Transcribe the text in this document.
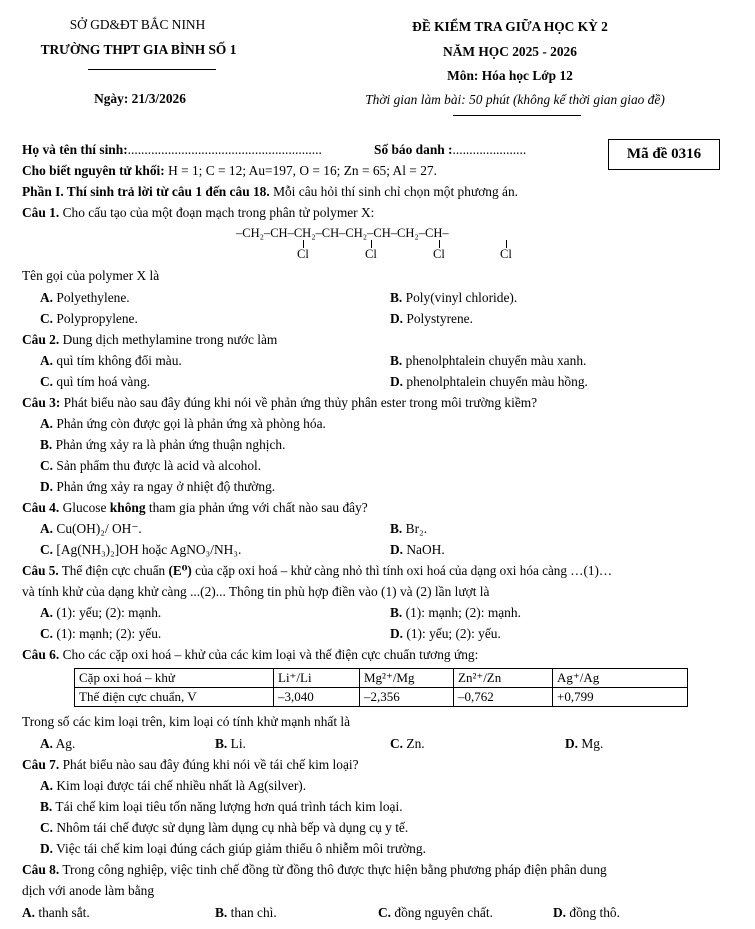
SỞ GD&ĐT BẮC NINH
TRƯỜNG THPT GIA BÌNH SỐ 1
Ngày: 21/3/2026
ĐỀ KIỂM TRA GIỮA HỌC KỲ 2
NĂM HỌC 2025 - 2026
Môn: Hóa học Lớp 12
Thời gian làm bài: 50 phút (không kể thời gian giao đề)
Họ và tên thí sinh:..........................................................	Số báo danh :......................	Mã đề 0316
Cho biết nguyên tử khối: H = 1; C = 12; Au=197, O = 16; Zn = 65; Al = 27.
Phần I. Thí sinh trả lời từ câu 1 đến câu 18. Mỗi câu hỏi thí sinh chỉ chọn một phương án.
Câu 1. Cho cấu tạo của một đoạn mạch trong phân tử polymer X:
–CH₂–CH–CH₂–CH–CH₂–CH–CH₂–CH–
Cl	Cl	Cl	Cl
Tên gọi của polymer X là
A. Polyethylene.	B. Poly(vinyl chloride).
C. Polypropylene.	D. Polystyrene.
Câu 2. Dung dịch methylamine trong nước làm
A. quì tím không đổi màu.	B. phenolphtalein chuyển màu xanh.
C. quì tím hoá vàng.	D. phenolphtalein chuyển màu hồng.
Câu 3: Phát biểu nào sau đây đúng khi nói về phản ứng thủy phân ester trong môi trường kiềm?
A. Phản ứng còn được gọi là phản ứng xà phòng hóa.
B. Phản ứng xảy ra là phản ứng thuận nghịch.
C. Sản phẩm thu được là acid và alcohol.
D. Phản ứng xảy ra ngay ở nhiệt độ thường.
Câu 4. Glucose không tham gia phản ứng với chất nào sau đây?
A. Cu(OH)₂/ OH⁻.	B. Br₂.
C. [Ag(NH₃)₂]OH hoặc AgNO₃/NH₃.	D. NaOH.
Câu 5. Thế điện cực chuẩn (E⁰) của cặp oxi hoá – khử càng nhỏ thì tính oxi hoá của dạng oxi hóa càng …(1)…
và tính khử của dạng khử càng ...(2)... Thông tin phù hợp điền vào (1) và (2) lần lượt là
A. (1): yếu; (2): mạnh.	B. (1): mạnh; (2): mạnh.
C. (1): mạnh; (2): yếu.	D. (1): yếu; (2): yếu.
Câu 6. Cho các cặp oxi hoá – khử của các kim loại và thế điện cực chuẩn tương ứng:
Cặp oxi hoá – khử	Li⁺/Li	Mg²⁺/Mg	Zn²⁺/Zn	Ag⁺/Ag
Thế điện cực chuẩn, V	–3,040	–2,356	–0,762	+0,799
Trong số các kim loại trên, kim loại có tính khử mạnh nhất là
A. Ag.	B. Li.	C. Zn.	D. Mg.
Câu 7. Phát biểu nào sau đây đúng khi nói về tái chế kim loại?
A. Kim loại được tái chế nhiều nhất là Ag(silver).
B. Tái chế kim loại tiêu tốn năng lượng hơn quá trình tách kim loại.
C. Nhôm tái chế được sử dụng làm dụng cụ nhà bếp và dụng cụ y tế.
D. Việc tái chế kim loại đúng cách giúp giảm thiểu ô nhiễm môi trường.
Câu 8. Trong công nghiệp, việc tinh chế đồng từ đồng thô được thực hiện bằng phương pháp điện phân dung
dịch với anode làm bằng
A. thanh sắt.	B. than chì.	C. đồng nguyên chất.	D. đồng thô.
